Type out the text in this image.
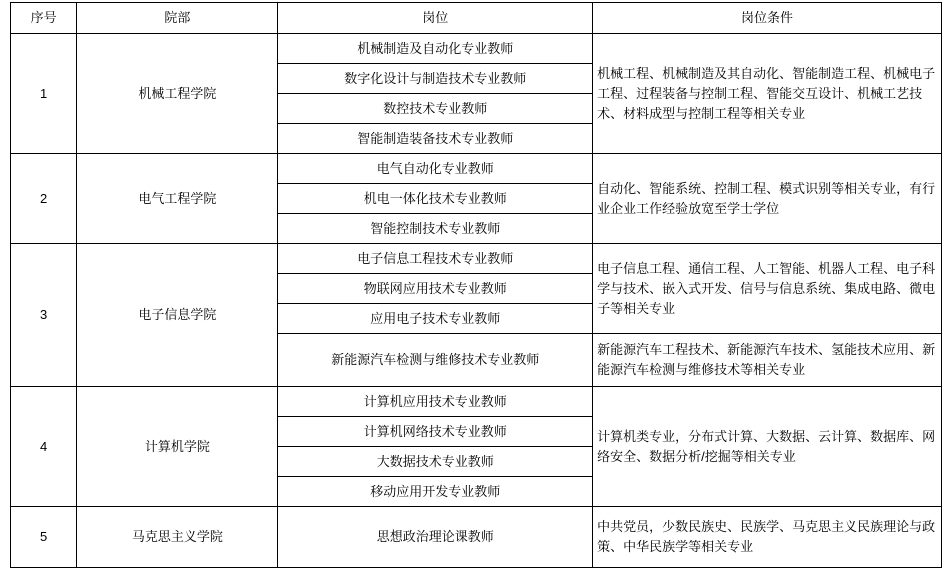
序号	院部	岗位	岗位条件
1	机械工程学院	机械制造及自动化专业教师	机械工程、机械制造及其自动化、智能制造工程、机械电子工程、过程装备与控制工程、智能交互设计、机械工艺技术、材料成型与控制工程等相关专业
		数字化设计与制造技术专业教师	
		数控技术专业教师	
		智能制造装备技术专业教师	
2	电气工程学院	电气自动化专业教师	自动化、智能系统、控制工程、模式识别等相关专业，有行业企业工作经验放宽至学士学位
		机电一体化技术专业教师	
		智能控制技术专业教师	
3	电子信息学院	电子信息工程技术专业教师	电子信息工程、通信工程、人工智能、机器人工程、电子科学与技术、嵌入式开发、信号与信息系统、集成电路、微电子等相关专业
		物联网应用技术专业教师	
		应用电子技术专业教师	
		新能源汽车检测与维修技术专业教师	新能源汽车工程技术、新能源汽车技术、氢能技术应用、新能源汽车检测与维修技术等相关专业
4	计算机学院	计算机应用技术专业教师	计算机类专业，分布式计算、大数据、云计算、数据库、网络安全、数据分析/挖掘等相关专业
		计算机网络技术专业教师	
		大数据技术专业教师	
		移动应用开发专业教师	
5	马克思主义学院	思想政治理论课教师	中共党员，少数民族史、民族学、马克思主义民族理论与政策、中华民族学等相关专业
